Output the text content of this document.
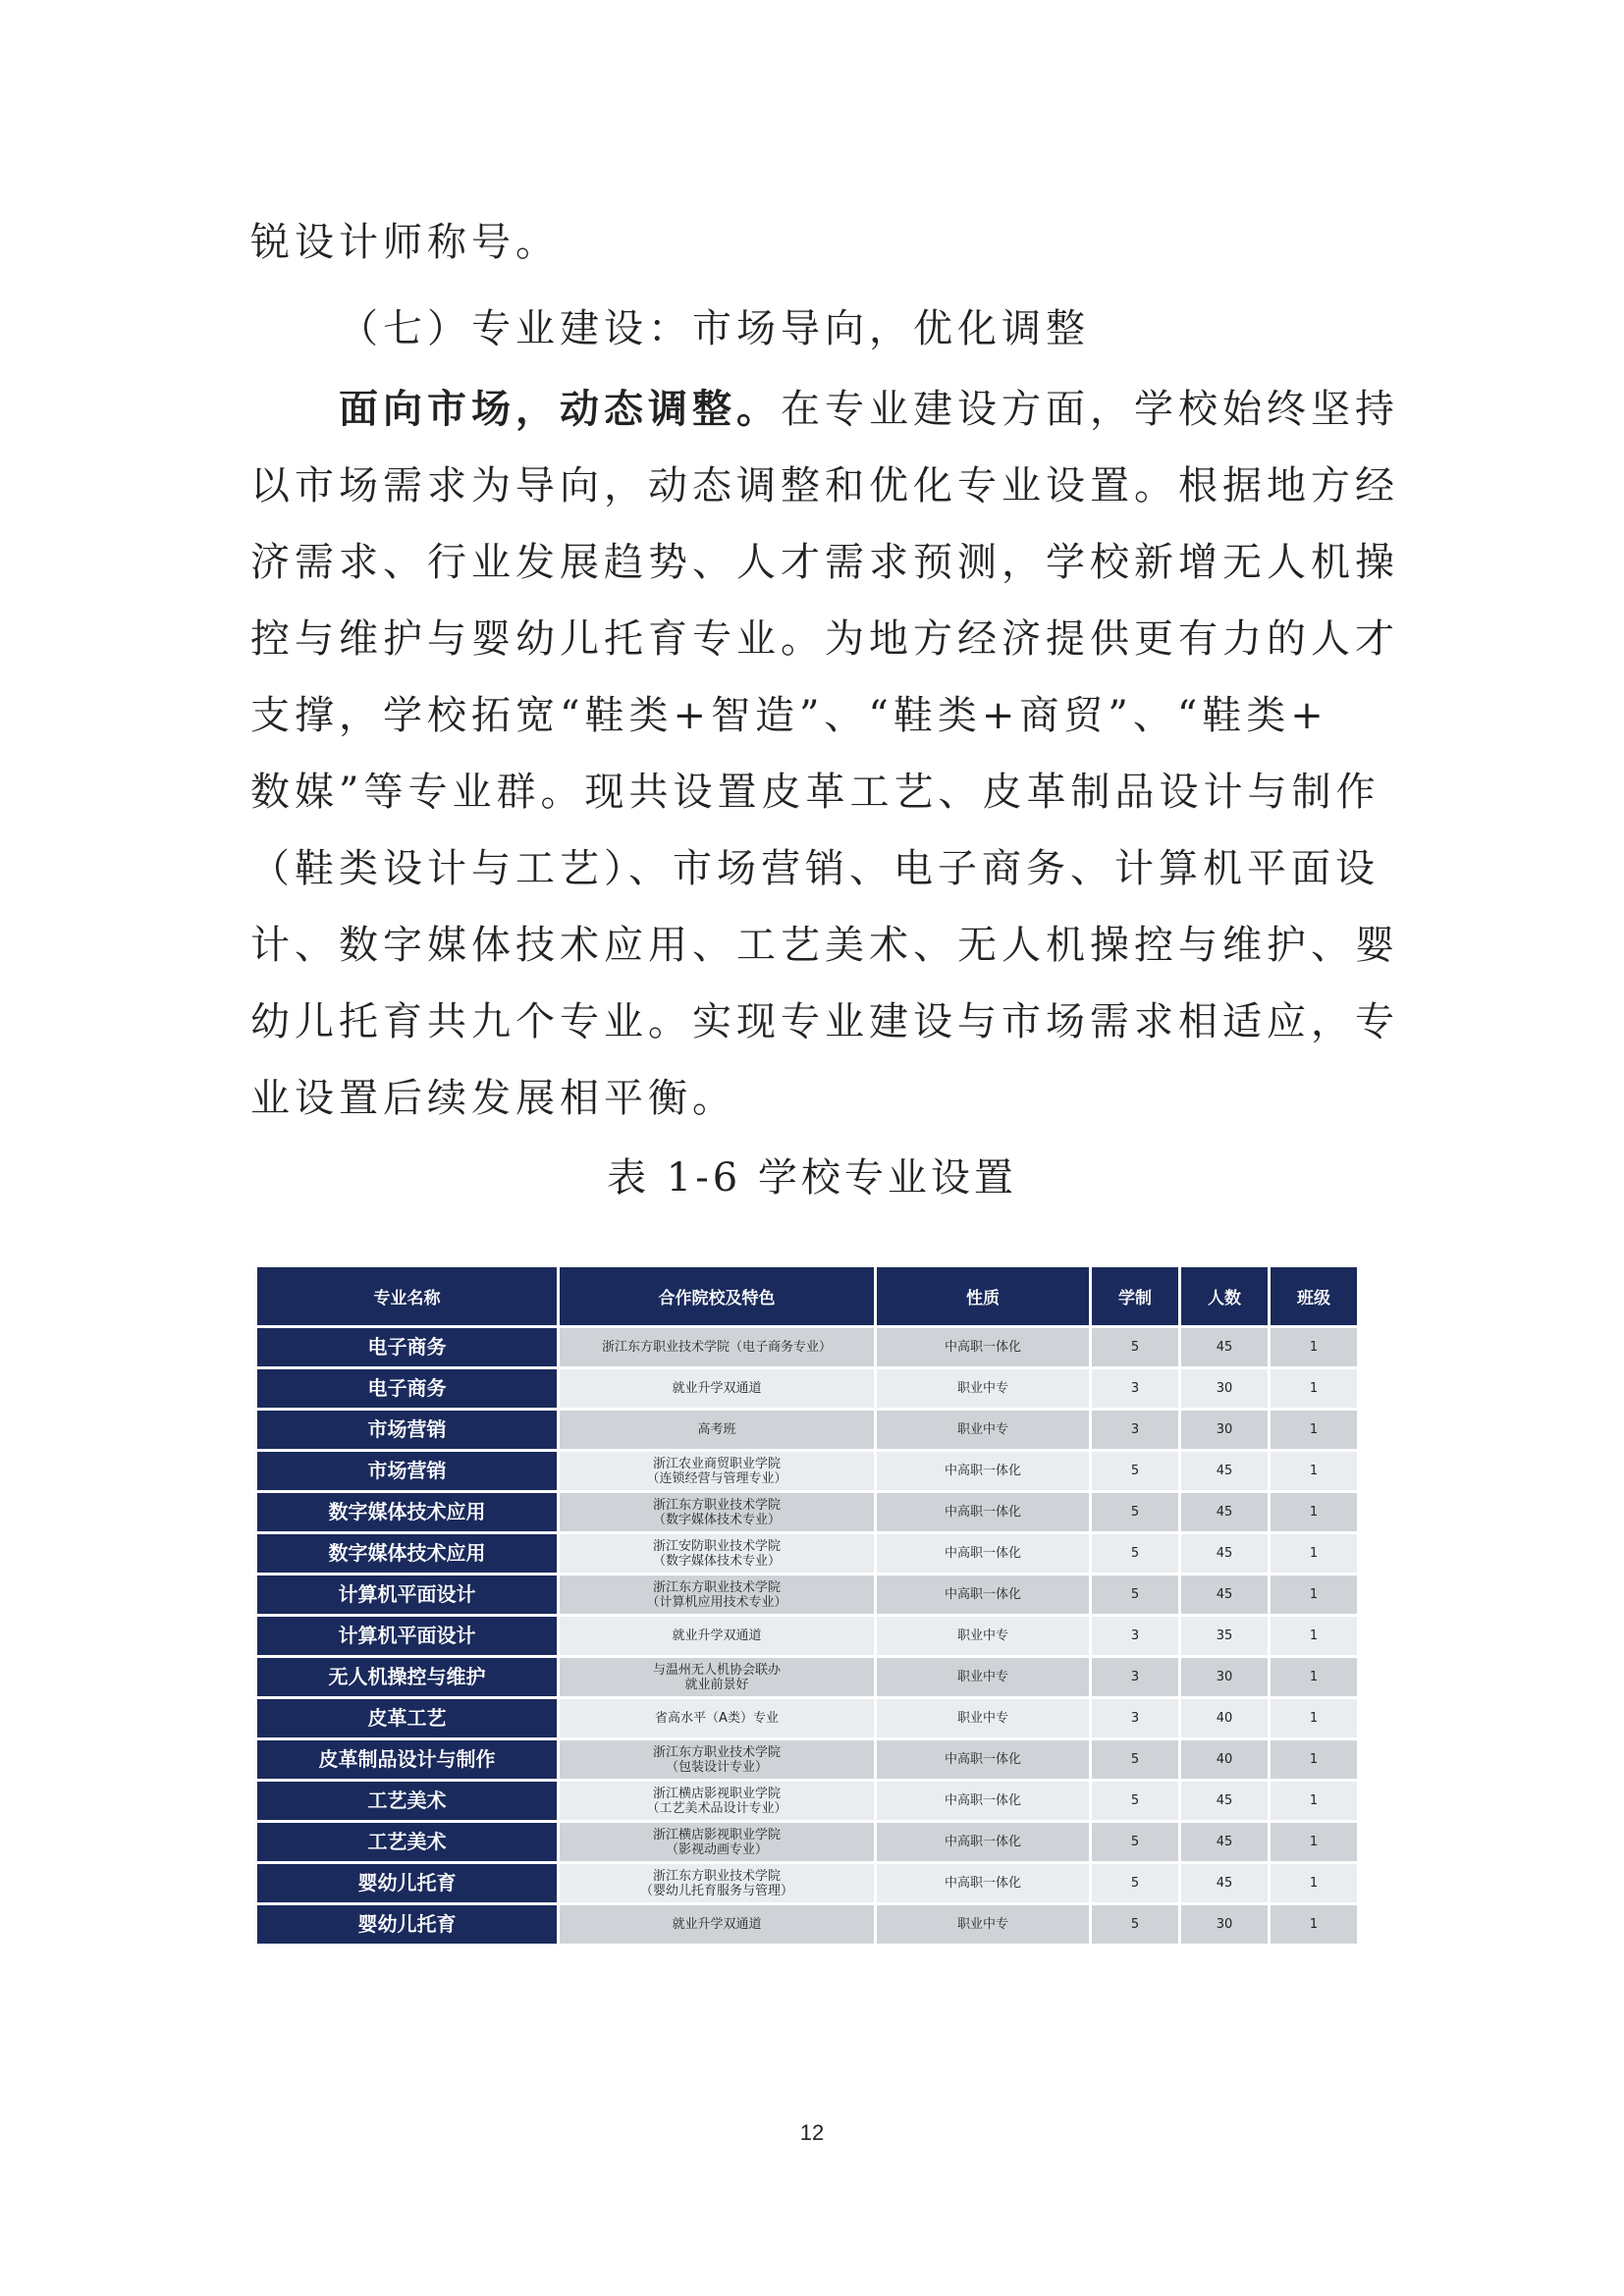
锐设计师称号。
（七）专业建设：市场导向，优化调整
面向市场，动态调整。在专业建设方面，学校始终坚持
以市场需求为导向，动态调整和优化专业设置。根据地方经
济需求、行业发展趋势、人才需求预测，学校新增无人机操
控与维护与婴幼儿托育专业。为地方经济提供更有力的人才
支撑，学校拓宽“鞋类+智造”、“鞋类+商贸”、“鞋类+
数媒”等专业群。现共设置皮革工艺、皮革制品设计与制作
（鞋类设计与工艺）、市场营销、电子商务、计算机平面设
计、数字媒体技术应用、工艺美术、无人机操控与维护、婴
幼儿托育共九个专业。实现专业建设与市场需求相适应，专
业设置后续发展相平衡。
表 1-6 学校专业设置
专业名称	合作院校及特色	性质	学制	人数	班级
电子商务	浙江东方职业技术学院（电子商务专业）	中高职一体化	5	45	1
电子商务	就业升学双通道	职业中专	3	30	1
市场营销	高考班	职业中专	3	30	1
市场营销	浙江农业商贸职业学院
（连锁经营与管理专业）	中高职一体化	5	45	1
数字媒体技术应用	浙江东方职业技术学院
（数字媒体技术专业）	中高职一体化	5	45	1
数字媒体技术应用	浙江安防职业技术学院
（数字媒体技术专业）	中高职一体化	5	45	1
计算机平面设计	浙江东方职业技术学院
（计算机应用技术专业）	中高职一体化	5	45	1
计算机平面设计	就业升学双通道	职业中专	3	35	1
无人机操控与维护	与温州无人机协会联办
就业前景好	职业中专	3	30	1
皮革工艺	省高水平（A类）专业	职业中专	3	40	1
皮革制品设计与制作	浙江东方职业技术学院
（包装设计专业）	中高职一体化	5	40	1
工艺美术	浙江横店影视职业学院
（工艺美术品设计专业）	中高职一体化	5	45	1
工艺美术	浙江横店影视职业学院
（影视动画专业）	中高职一体化	5	45	1
婴幼儿托育	浙江东方职业技术学院
（婴幼儿托育服务与管理）	中高职一体化	5	45	1
婴幼儿托育	就业升学双通道	职业中专	5	30	1
12
